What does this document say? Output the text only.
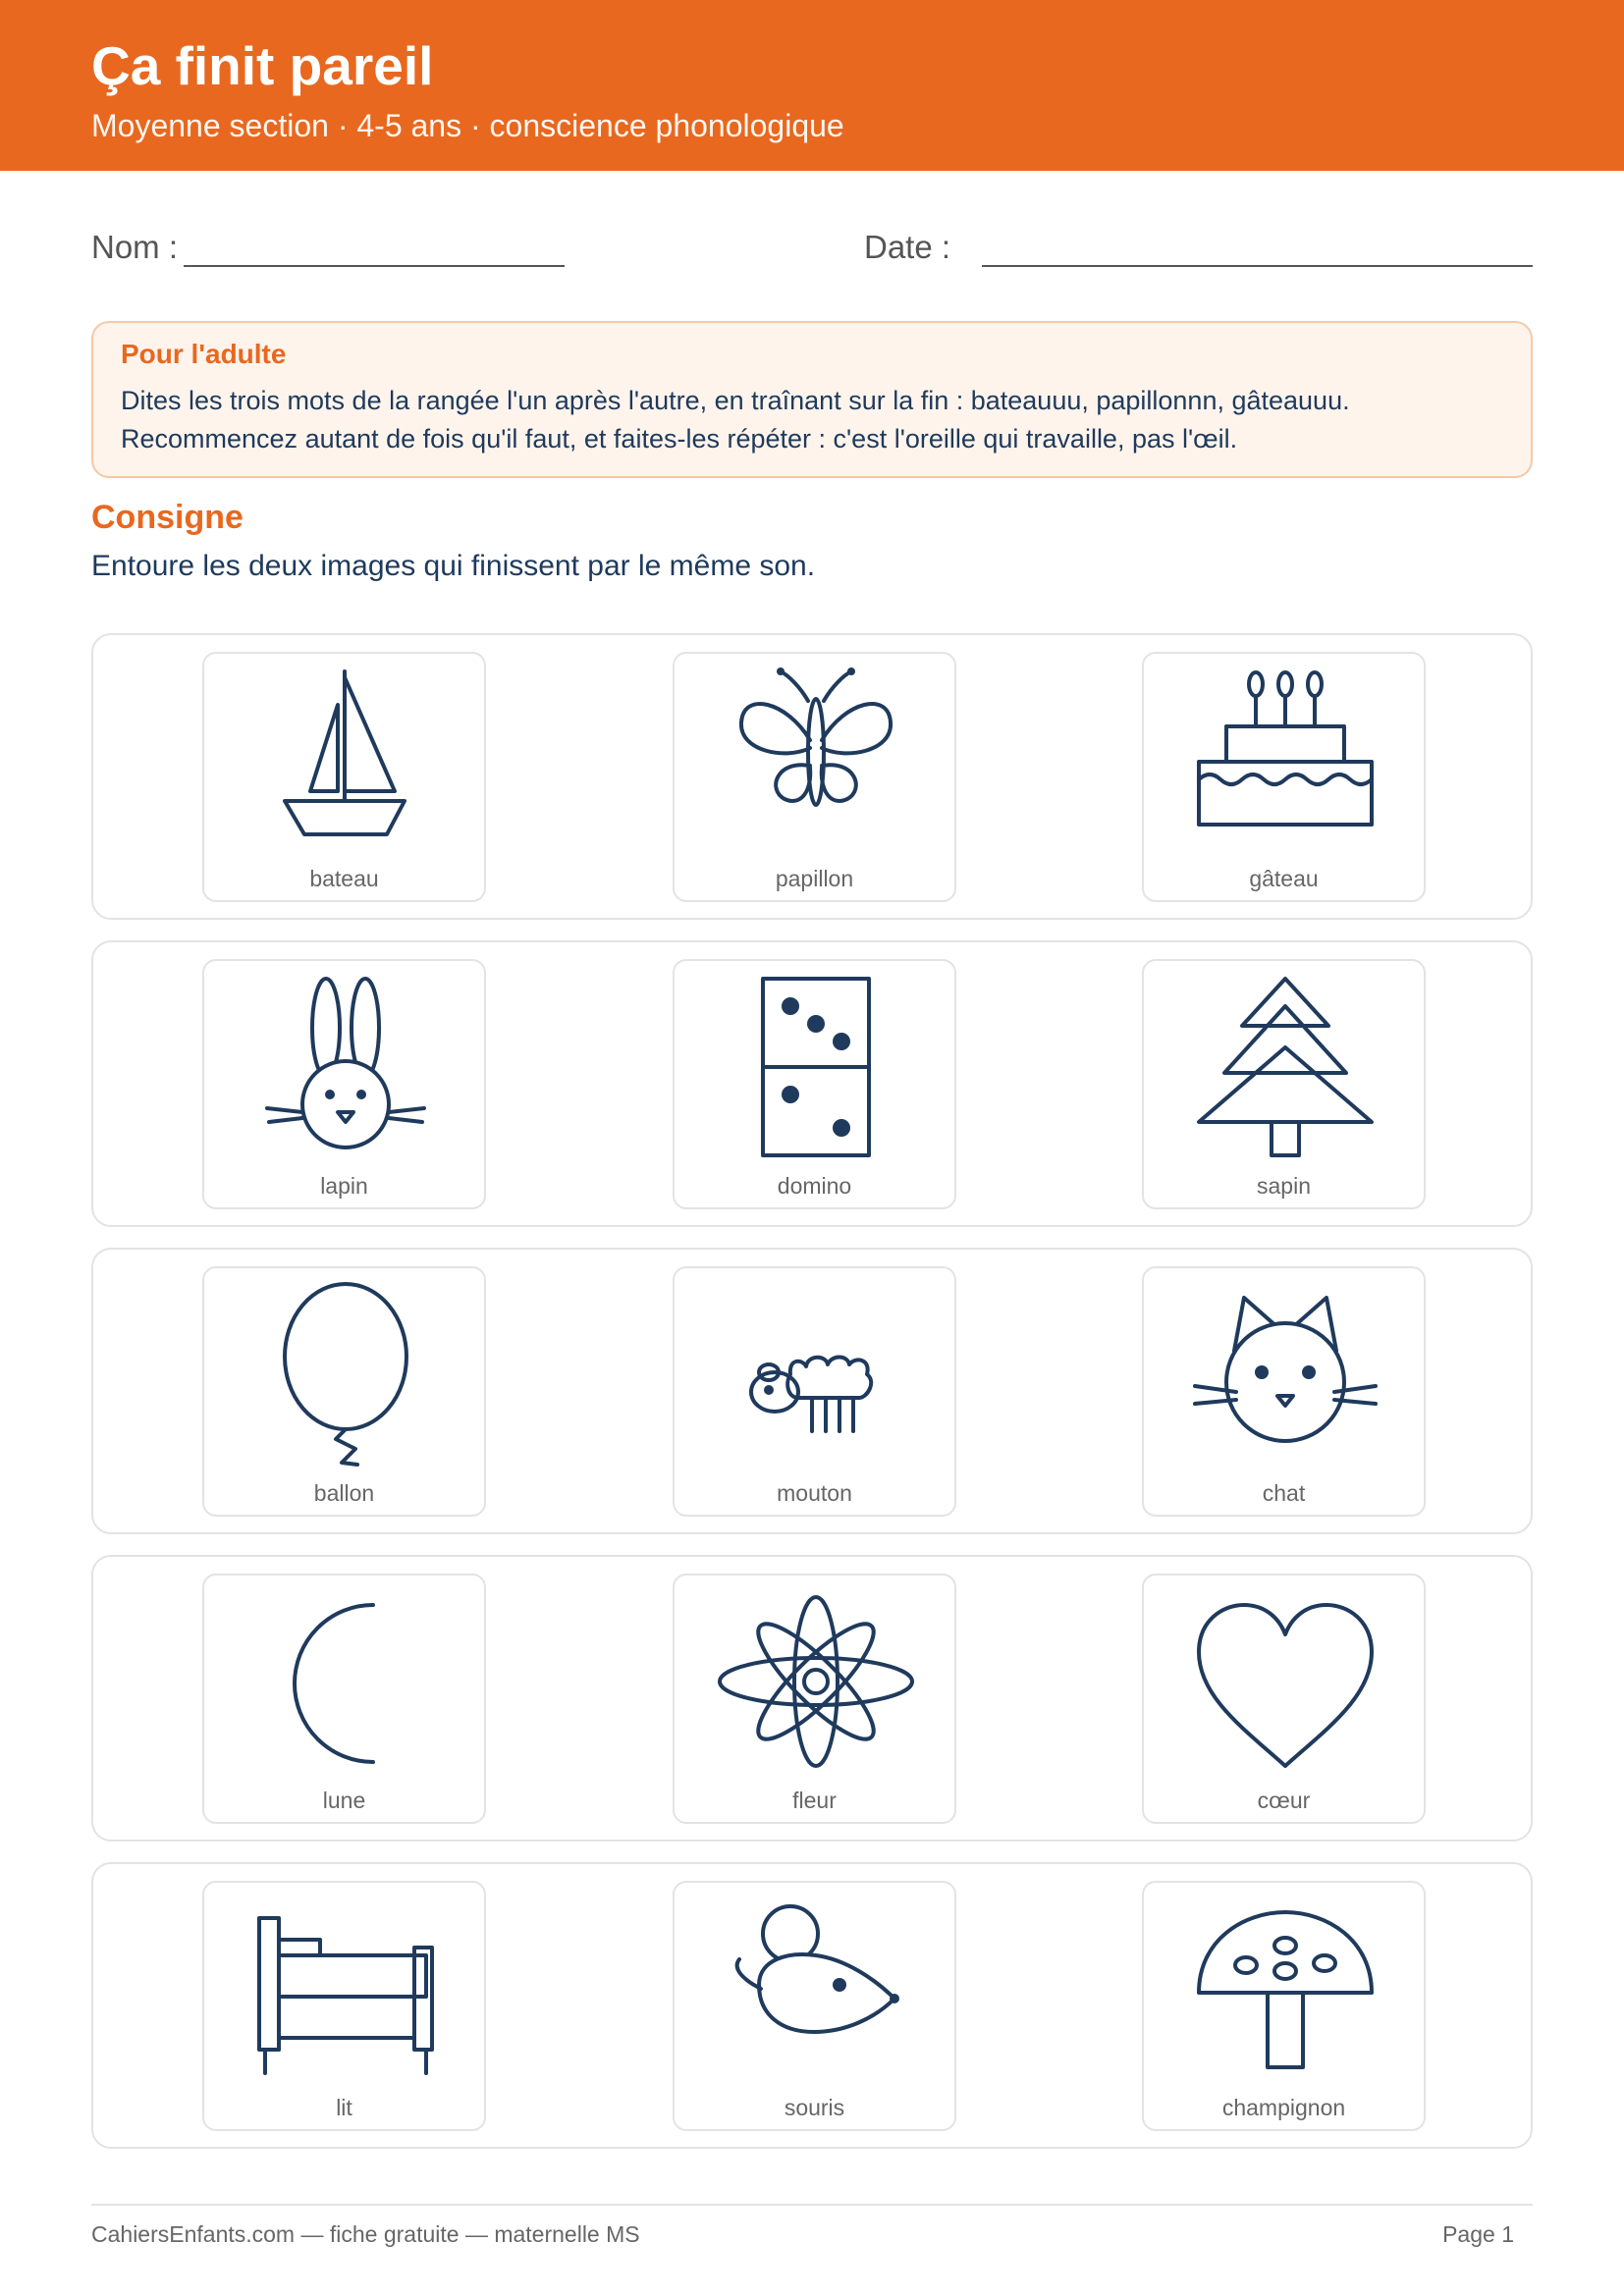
Ça finit pareil
Moyenne section · 4-5 ans · conscience phonologique
Nom :	Date :
Pour l'adulte
Dites les trois mots de la rangée l'un après l'autre, en traînant sur la fin : bateauuu, papillonnn, gâteauuu.
Recommencez autant de fois qu'il faut, et faites-les répéter : c'est l'oreille qui travaille, pas l'œil.
Consigne
Entoure les deux images qui finissent par le même son.
bateau	papillon	gâteau
lapin	domino	sapin
ballon	mouton	chat
lune	fleur	cœur
lit	souris	champignon
CahiersEnfants.com — fiche gratuite — maternelle MS	Page 1
